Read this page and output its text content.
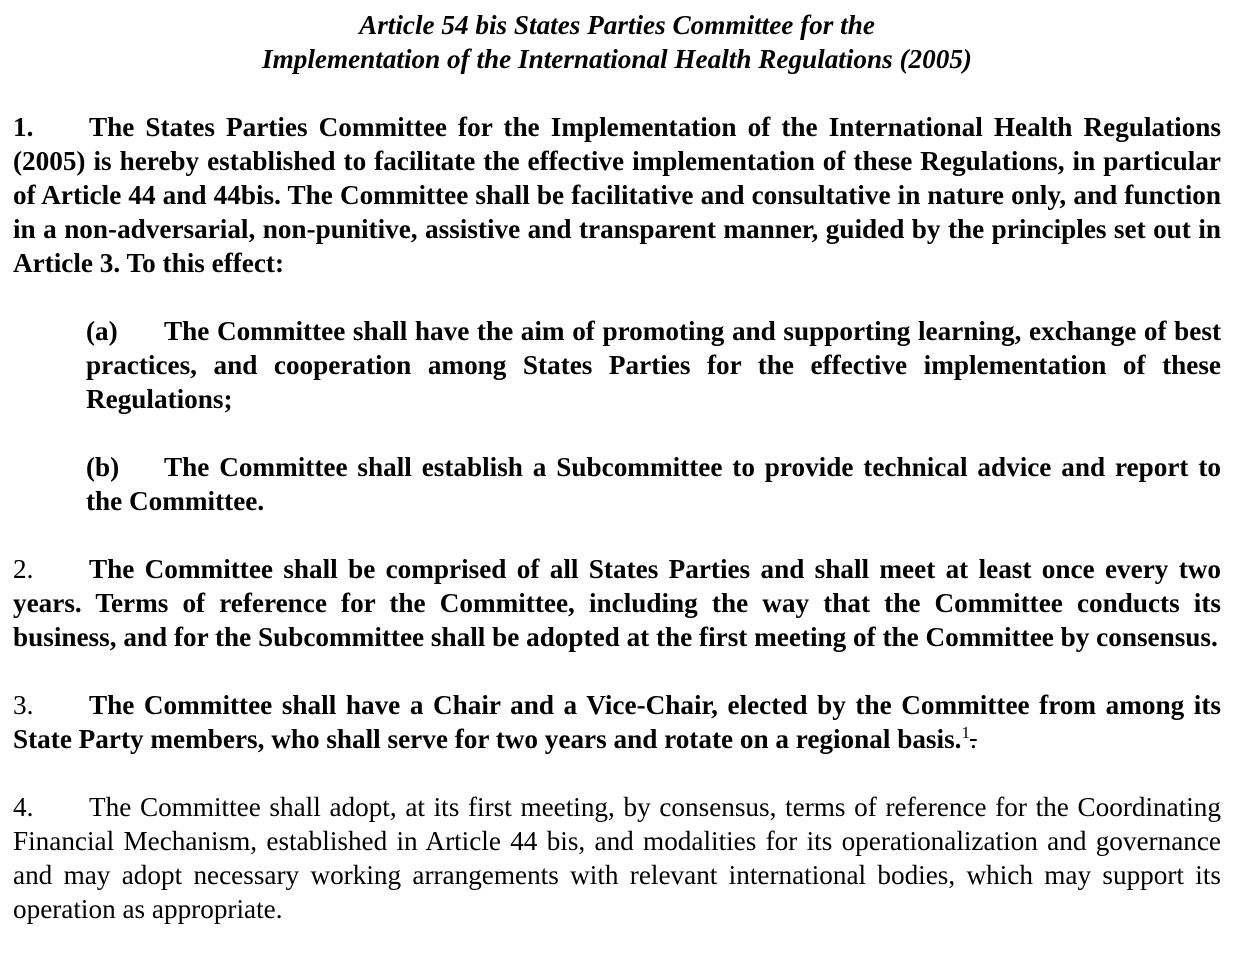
Article 54 bis States Parties Committee for the
Implementation of the International Health Regulations (2005)

1. The States Parties Committee for the Implementation of the International Health Regulations (2005) is hereby established to facilitate the effective implementation of these Regulations, in particular of Article 44 and 44bis. The Committee shall be facilitative and consultative in nature only, and function in a non-adversarial, non-punitive, assistive and transparent manner, guided by the principles set out in Article 3. To this effect:

(a) The Committee shall have the aim of promoting and supporting learning, exchange of best practices, and cooperation among States Parties for the effective implementation of these Regulations;

(b) The Committee shall establish a Subcommittee to provide technical advice and report to the Committee.

2. The Committee shall be comprised of all States Parties and shall meet at least once every two years. Terms of reference for the Committee, including the way that the Committee conducts its business, and for the Subcommittee shall be adopted at the first meeting of the Committee by consensus.

3. The Committee shall have a Chair and a Vice-Chair, elected by the Committee from among its State Party members, who shall serve for two years and rotate on a regional basis.$^1$.

4. The Committee shall adopt, at its first meeting, by consensus, terms of reference for the Coordinating Financial Mechanism, established in Article 44 bis, and modalities for its operationalization and governance and may adopt necessary working arrangements with relevant international bodies, which may support its operation as appropriate.
